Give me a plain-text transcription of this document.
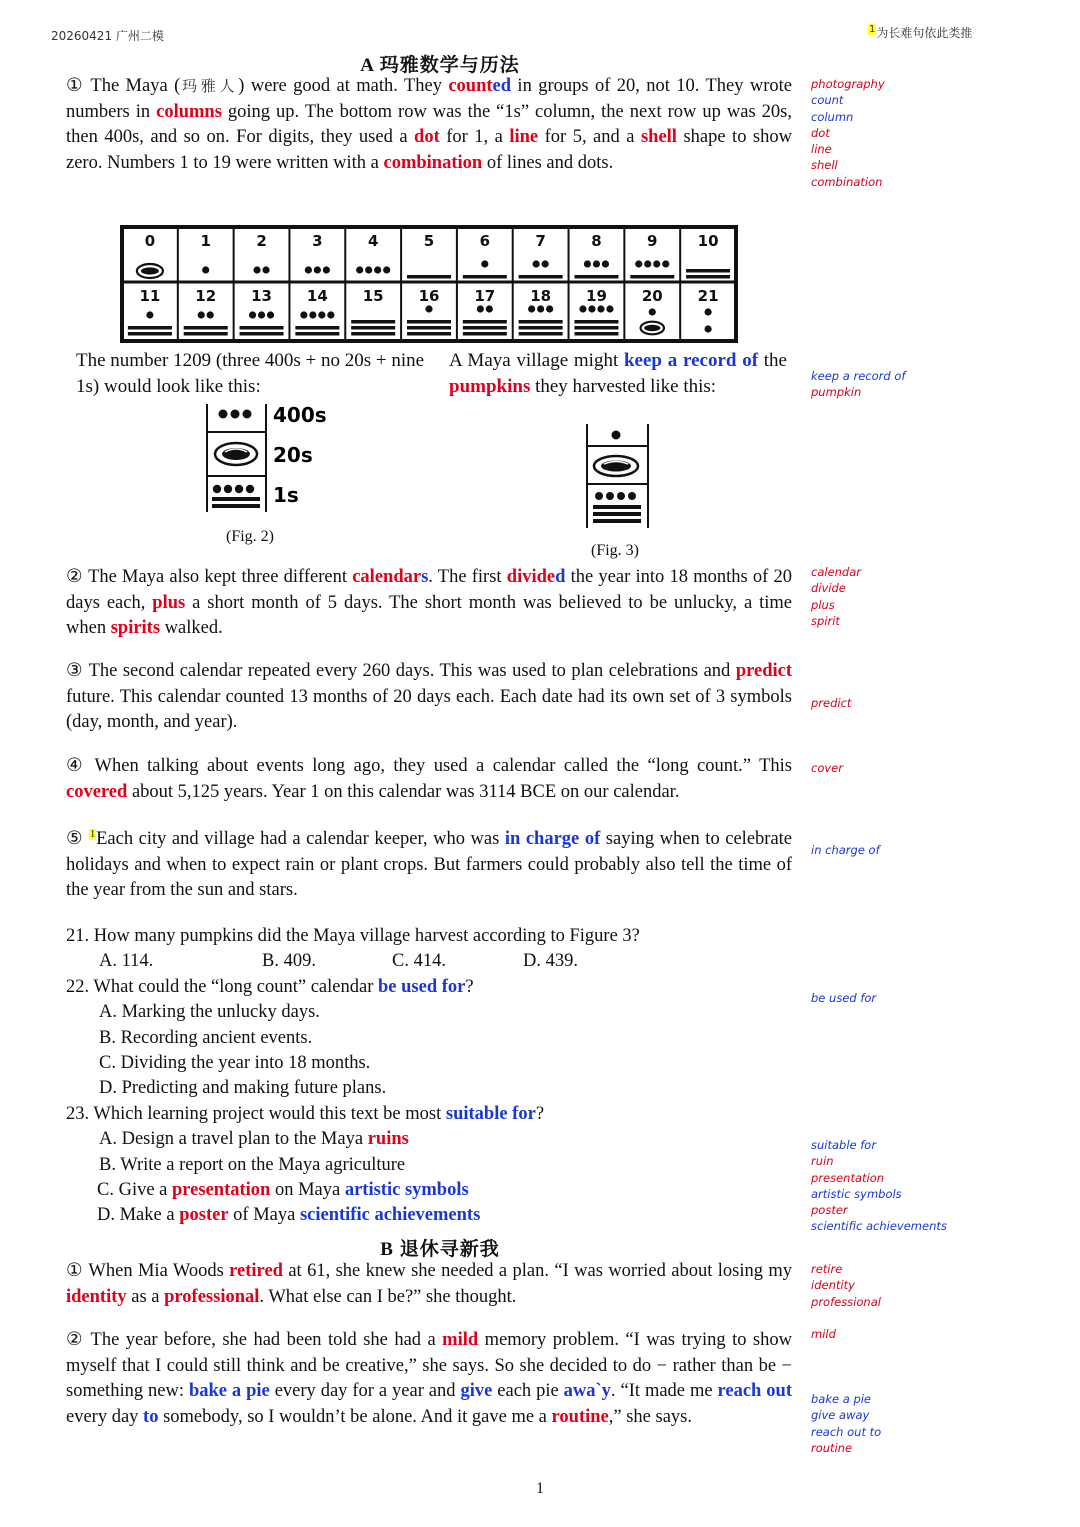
20260421 广州二模	$^1$为长难句依此类推
A 玛雅数学与历法
① The Maya (玛雅人) were good at math. They counted in groups of 20, not 10. They wrote numbers in columns going up. The bottom row was the “1s” column, the next row up was 20s, then 400s, and so on. For digits, they used a dot for 1, a line for 5, and a shell shape to show zero. Numbers 1 to 19 were written with a combination of lines and dots.
0	1	2	3	4	5	6	7	8	9	10
11 12 13 14 15 16 17 18 19 20 21
The number 1209 (three 400s + no 20s + nine 1s) would look like this:
A Maya village might keep a record of the pumpkins they harvested like this:
400s
20s
1s
(Fig. 2)
(Fig. 3)
② The Maya also kept three different calendars. The first divided the year into 18 months of 20 days each, plus a short month of 5 days. The short month was believed to be unlucky, a time when spirits walked.
③ The second calendar repeated every 260 days. This was used to plan celebrations and predict future. This calendar counted 13 months of 20 days each. Each date had its own set of 3 symbols (day, month, and year).
④ When talking about events long ago, they used a calendar called the “long count.” This covered about 5,125 years. Year 1 on this calendar was 3114 BCE on our calendar.
⑤ $^1$Each city and village had a calendar keeper, who was in charge of saying when to celebrate holidays and when to expect rain or plant crops. But farmers could probably also tell the time of the year from the sun and stars.
21. How many pumpkins did the Maya village harvest according to Figure 3?
A. 114.	B. 409.	C. 414.	D. 439.
22. What could the “long count” calendar be used for?
A. Marking the unlucky days.
B. Recording ancient events.
C. Dividing the year into 18 months.
D. Predicting and making future plans.
23. Which learning project would this text be most suitable for?
A. Design a travel plan to the Maya ruins
B. Write a report on the Maya agriculture
C. Give a presentation on Maya artistic symbols
D. Make a poster of Maya scientific achievements
B 退休寻新我
① When Mia Woods retired at 61, she knew she needed a plan. “I was worried about losing my identity as a professional. What else can I be?” she thought.
② The year before, she had been told she had a mild memory problem. “I was trying to show myself that I could still think and be creative,” she says. So she decided to do − rather than be − something new: bake a pie every day for a year and give each pie awa`y. “It made me reach out every day to somebody, so I wouldn’t be alone. And it gave me a routine,” she says.
photography
count
column
dot
line
shell
combination
keep a record of
pumpkin
calendar
divide
plus
spirit
predict
cover
in charge of
be used for
suitable for
ruin
presentation
artistic symbols
poster
scientific achievements
retire
identity
professional
mild
bake a pie
give away
reach out to
routine
1
